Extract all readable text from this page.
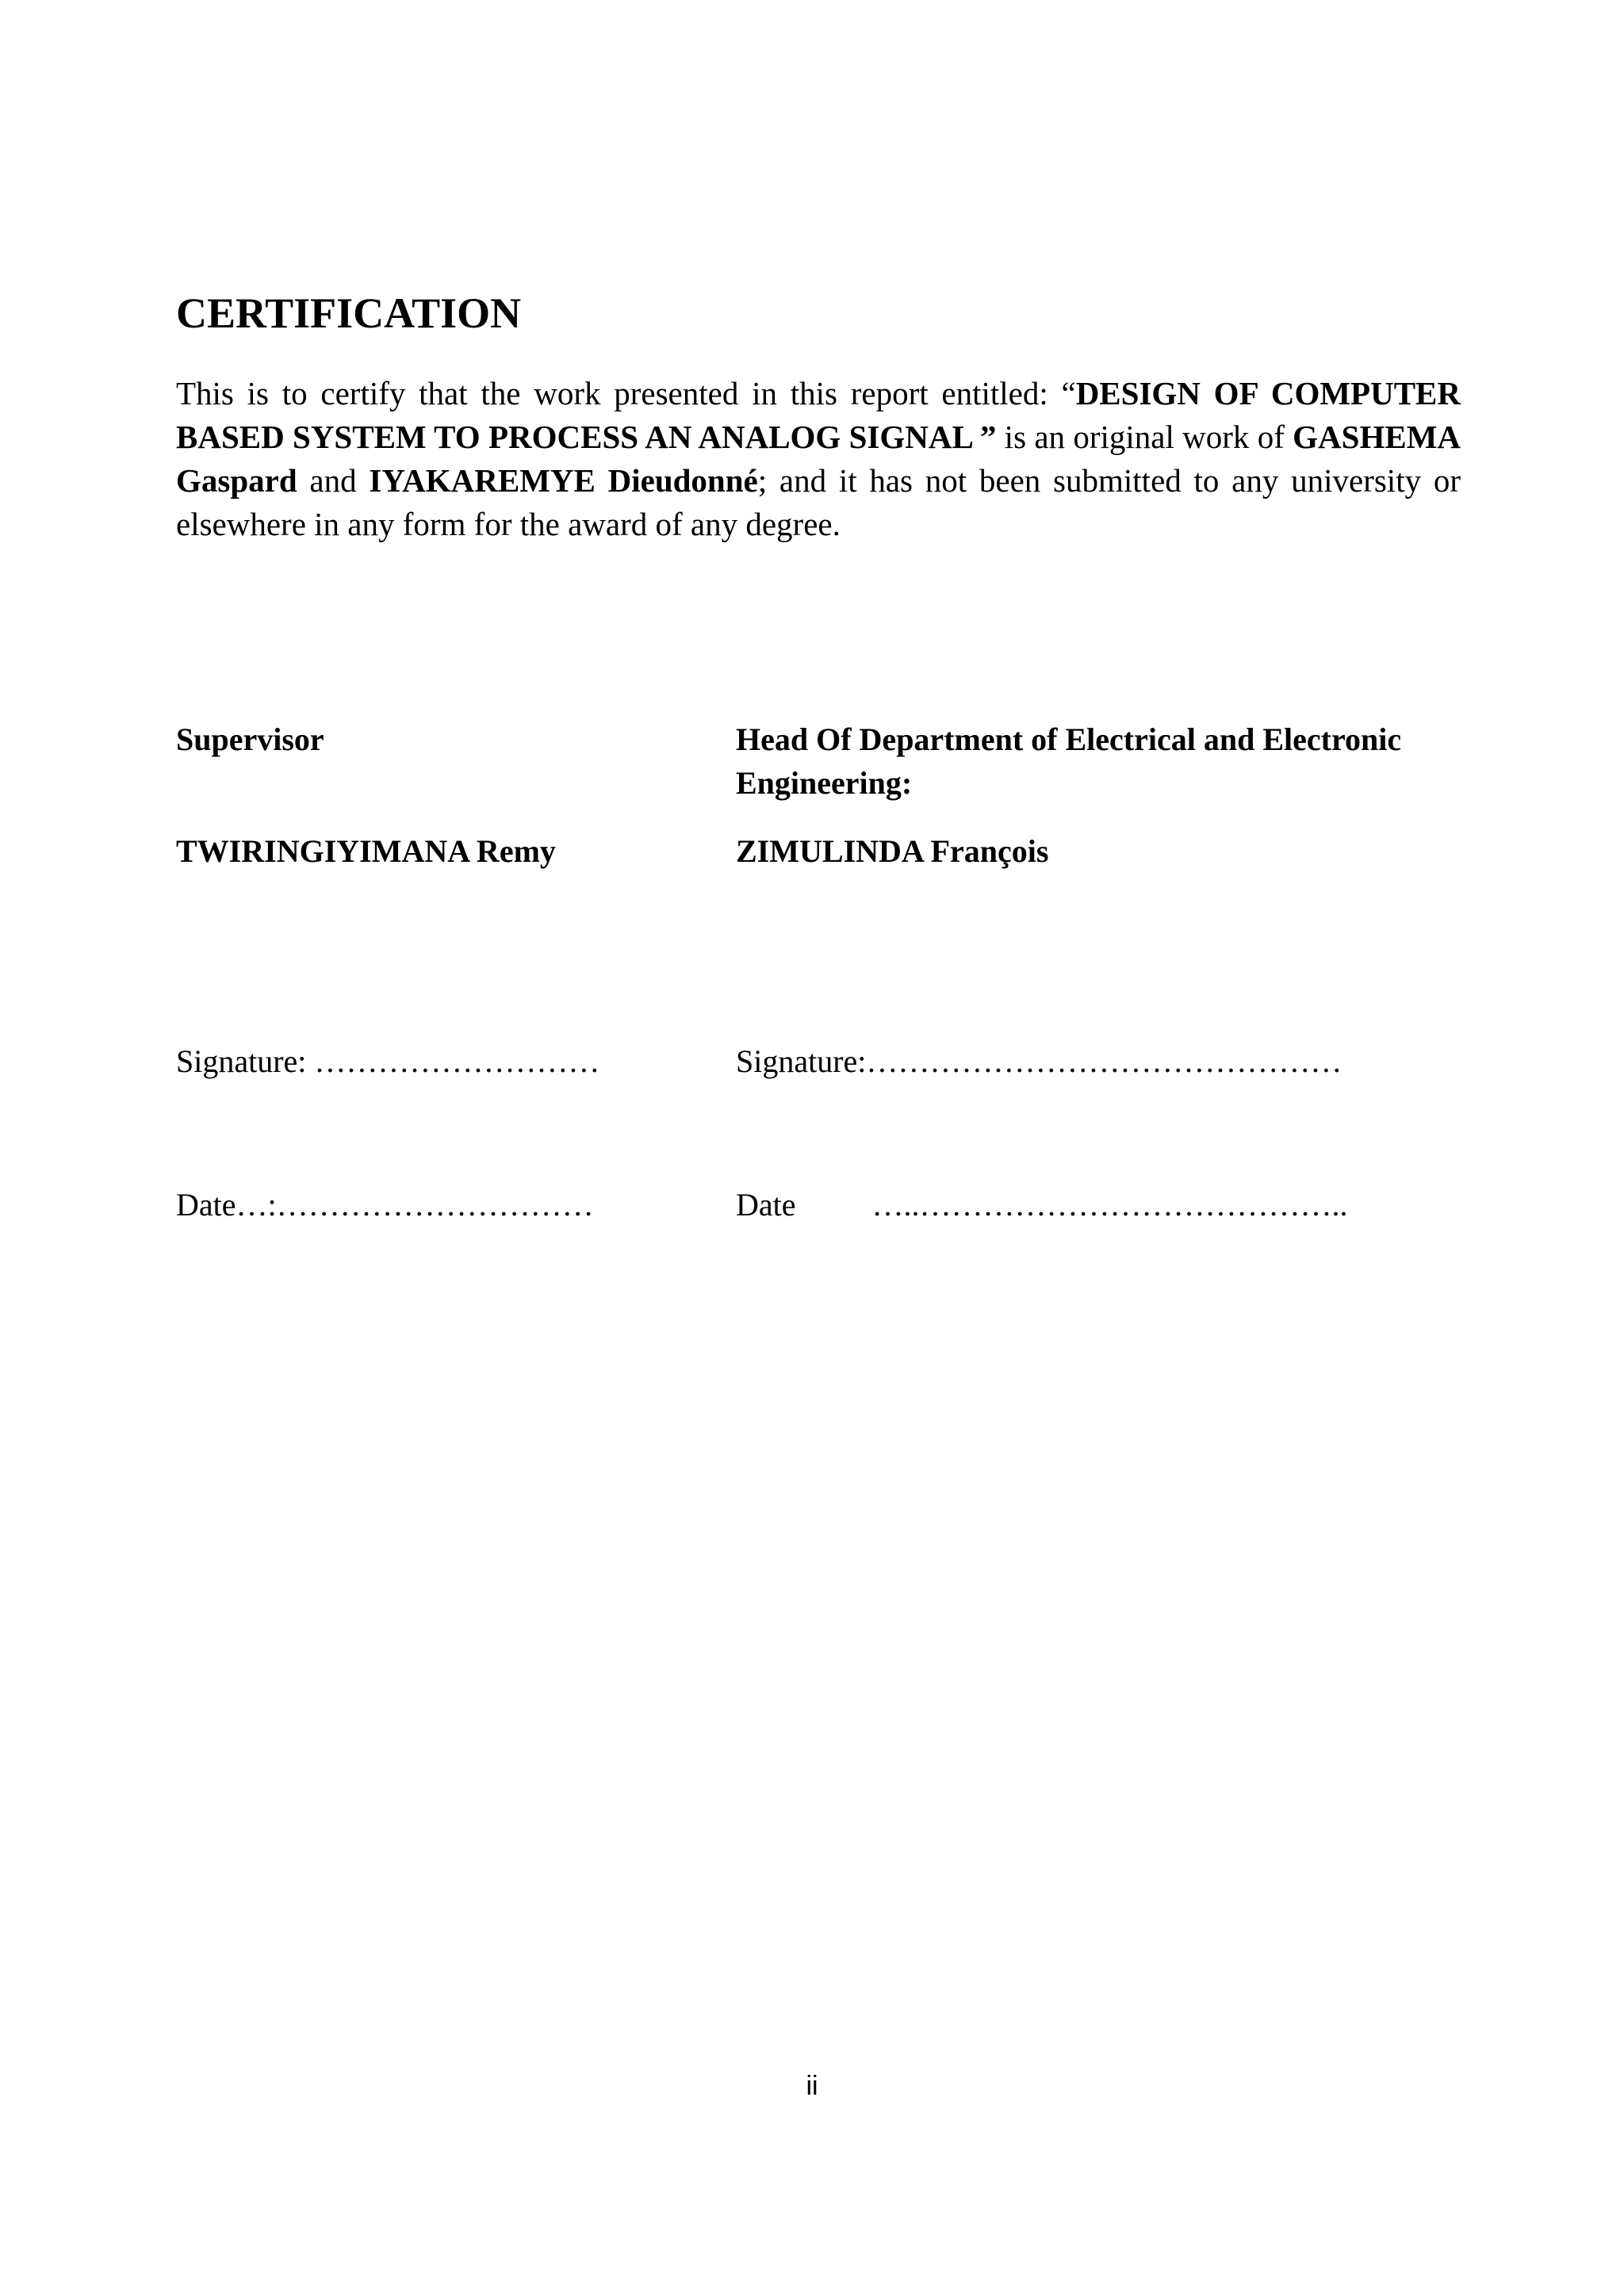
CERTIFICATION

This is to certify that the work presented in this report entitled: “DESIGN OF COMPUTER BASED SYSTEM TO PROCESS AN ANALOG SIGNAL ” is an original work of GASHEMA Gaspard and IYAKAREMYE Dieudonné; and it has not been submitted to any university or elsewhere in any form for the award of any degree.

Supervisor
TWIRINGIYIMANA Remy
Signature: ………………………
Date…:…………………………
Head Of Department of Electrical and Electronic Engineering:
ZIMULINDA François
Signature:………………………………………
Date …..…………………………………..
ii
